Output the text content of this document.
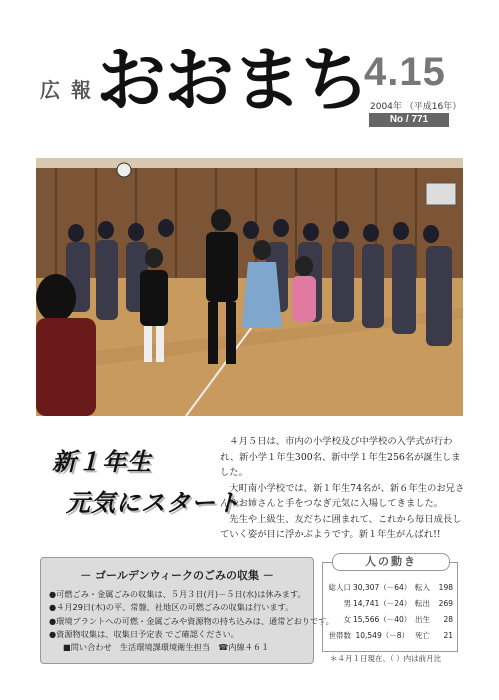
広 報 おおまち
4.15
2004年 （平成16年）
No / 771
新１年生
元気にスタート

４月５日は、市内の小学校及び中学校の入学式が行われ、新小学１年生300名、新中学１年生256名が誕生しました。

大町南小学校では、新１年生74名が、新６年生のお兄さんやお姉さんと手をつなぎ元気に入場してきました。

先生や上級生、友だちに囲まれて、これから毎日成長していく姿が目に浮かぶようです。新１年生がんばれ!!

－ ゴールデンウィークのごみの収集 －
●可燃ごみ・金属ごみの収集は、５月３日(月)－５日(水)は休みます。
●４月29日(木)の平、常盤、社地区の可燃ごみの収集は行います。
●環境プラントへの可燃・金属ごみや資源物の持ち込みは、通常どおりです。
●資源物収集は、収集日予定表 でご確認ください。
■問い合わせ　生活環境課環境衛生担当　☎内線４６１
人の動き
総人口 30,307（－64） 転入	198
男 14,741（－24） 転出	269
女 15,566（－40） 出生	28
世帯数 10,549（－8） 死亡	21
＊４月１日現在、（ ）内は前月比
